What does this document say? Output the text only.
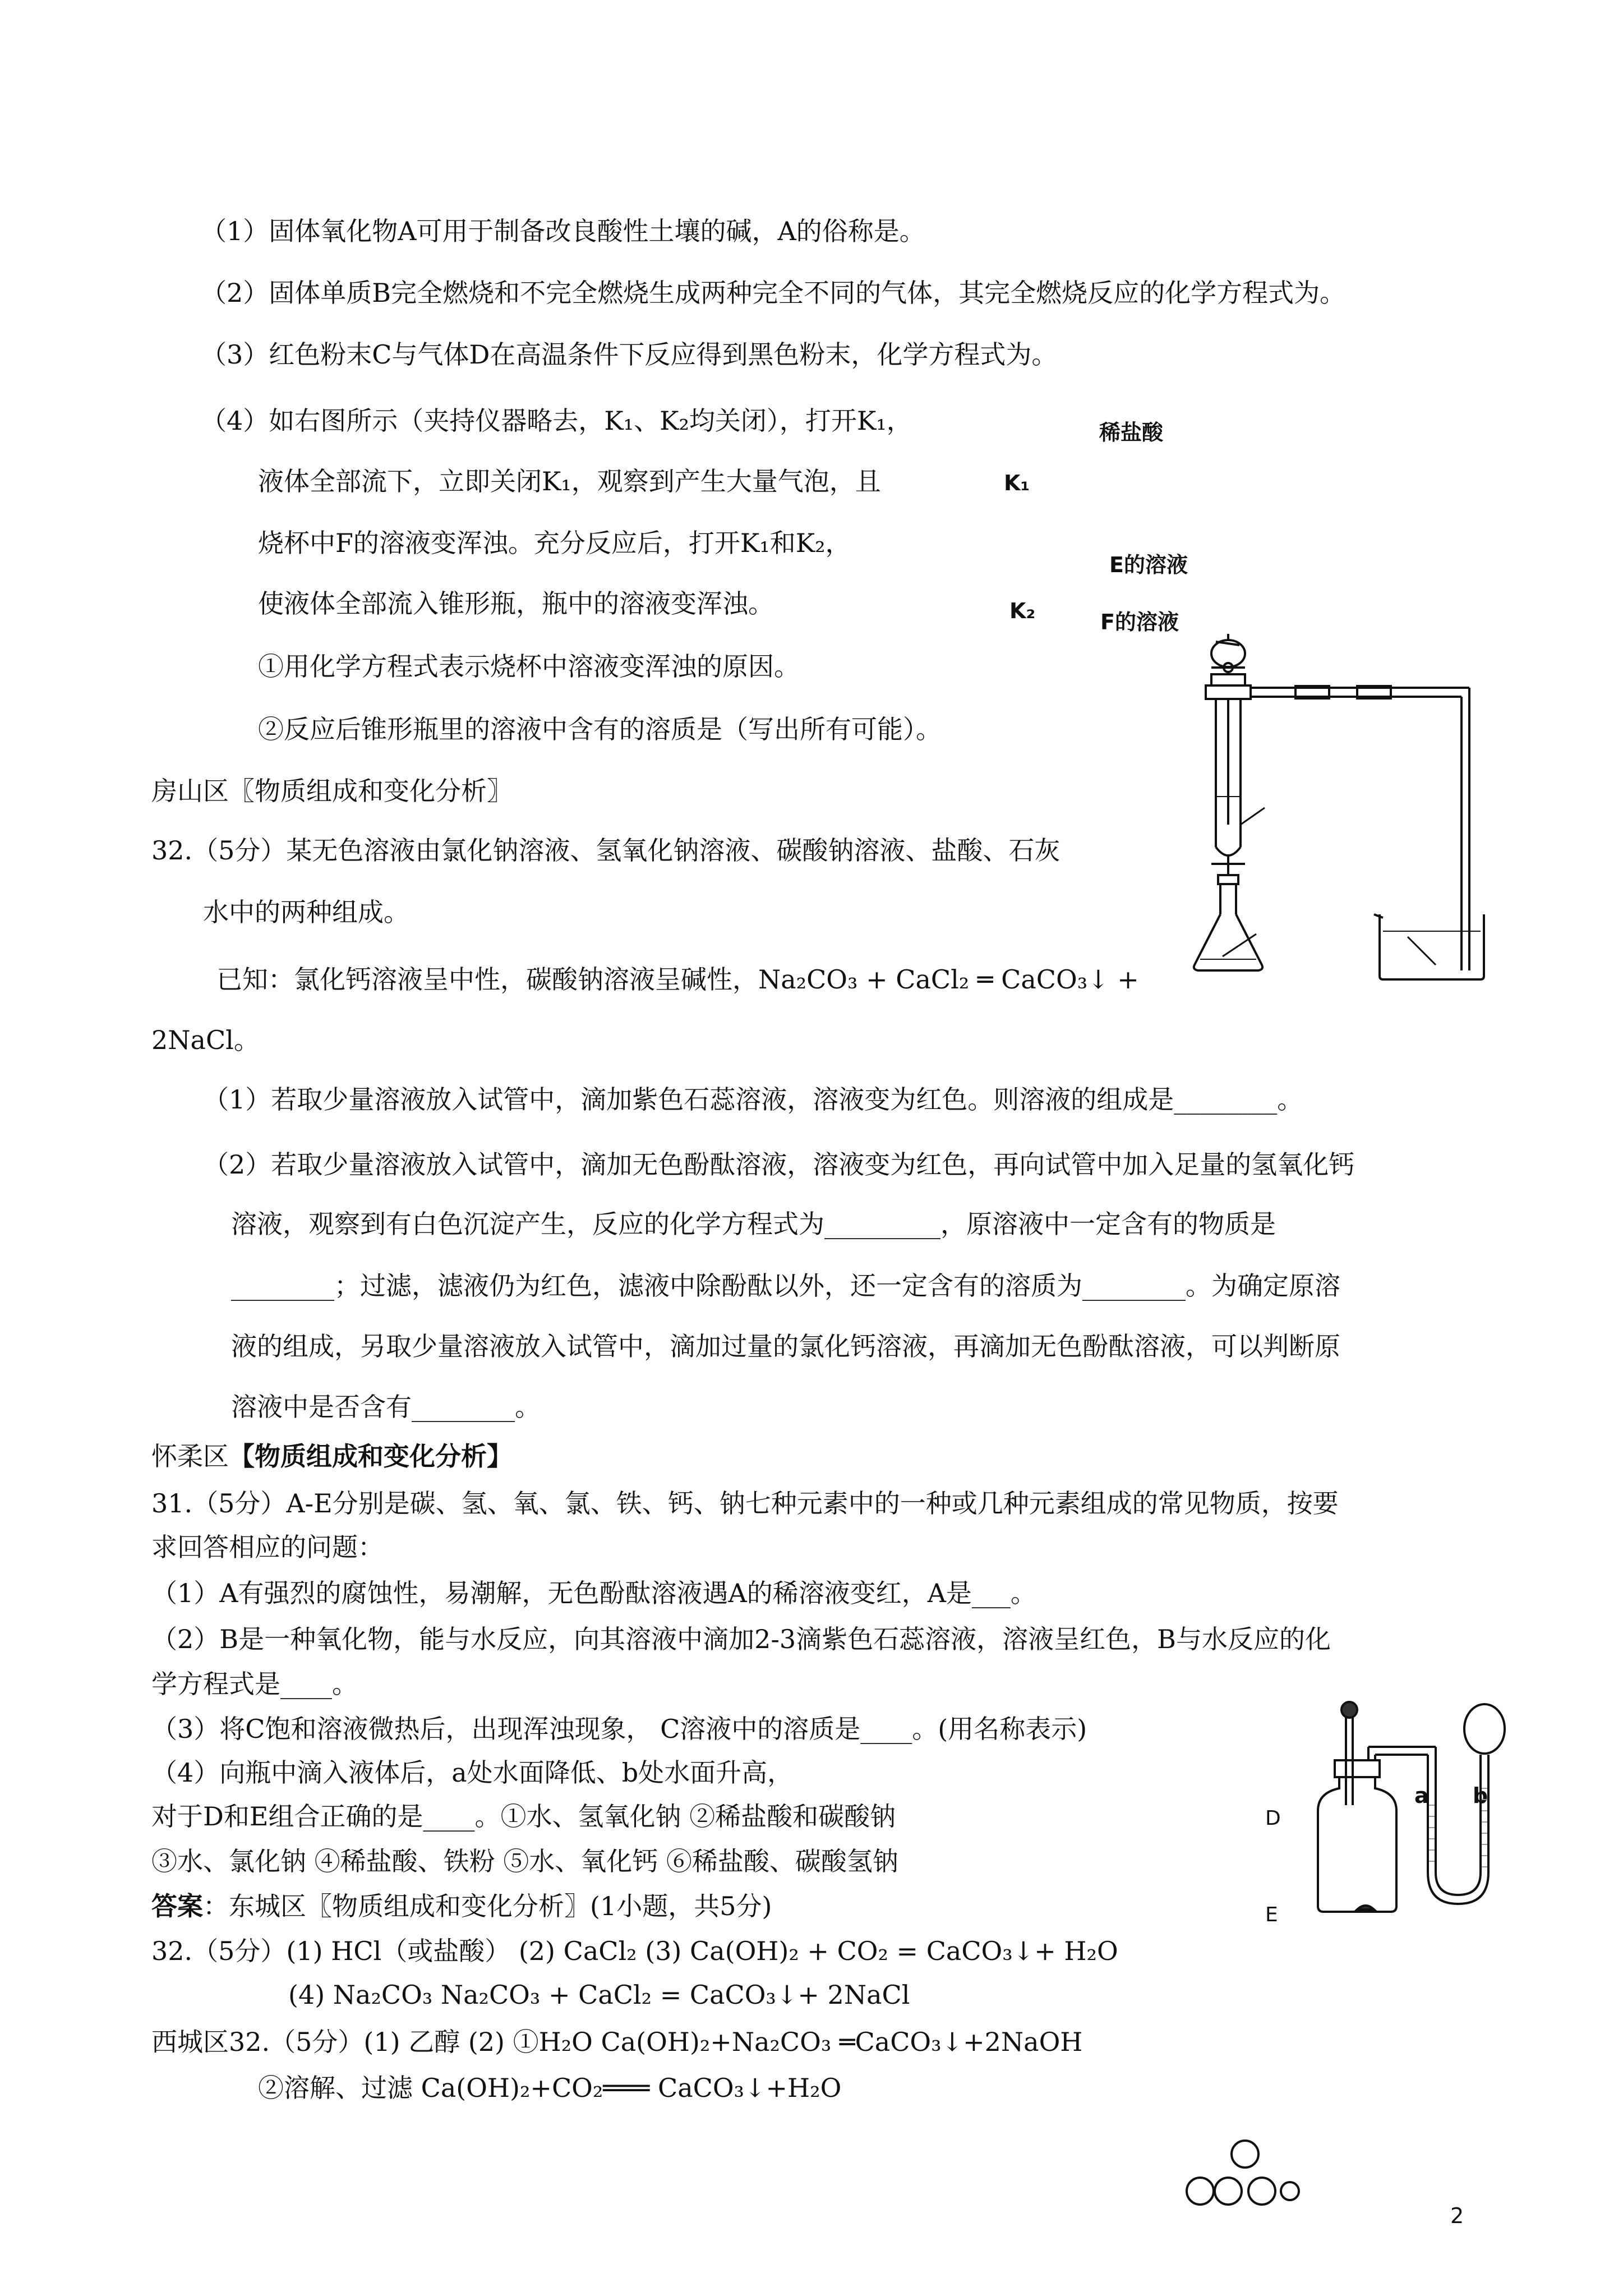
（1）固体氧化物A可用于制备改良酸性土壤的碱，A的俗称是。
（2）固体单质B完全燃烧和不完全燃烧生成两种完全不同的气体，其完全燃烧反应的化学方程式为。
（3）红色粉末C与气体D在高温条件下反应得到黑色粉末，化学方程式为。
（4）如右图所示（夹持仪器略去，K₁、K₂均关闭），打开K₁，
液体全部流下，立即关闭K₁，观察到产生大量气泡，且
烧杯中F的溶液变浑浊。充分反应后，打开K₁和K₂，
使液体全部流入锥形瓶，瓶中的溶液变浑浊。
①用化学方程式表示烧杯中溶液变浑浊的原因。
②反应后锥形瓶里的溶液中含有的溶质是（写出所有可能）。
稀盐酸
K₁
E的溶液
K₂	F的溶液
房山区〖物质组成和变化分析〗
32.（5分）某无色溶液由氯化钠溶液、氢氧化钠溶液、碳酸钠溶液、盐酸、石灰
水中的两种组成。
已知：氯化钙溶液呈中性，碳酸钠溶液呈碱性，Na₂CO₃ + CaCl₂ ═ CaCO₃↓ +
2NaCl。
（1）若取少量溶液放入试管中，滴加紫色石蕊溶液，溶液变为红色。则溶液的组成是________。
（2）若取少量溶液放入试管中，滴加无色酚酞溶液，溶液变为红色，再向试管中加入足量的氢氧化钙
溶液，观察到有白色沉淀产生，反应的化学方程式为_________，原溶液中一定含有的物质是
________；过滤，滤液仍为红色，滤液中除酚酞以外，还一定含有的溶质为________。为确定原溶
液的组成，另取少量溶液放入试管中，滴加过量的氯化钙溶液，再滴加无色酚酞溶液，可以判断原
溶液中是否含有________。
怀柔区【物质组成和变化分析】
31.（5分）A-E分别是碳、氢、氧、氯、铁、钙、钠七种元素中的一种或几种元素组成的常见物质，按要
求回答相应的问题：
（1）A有强烈的腐蚀性，易潮解，无色酚酞溶液遇A的稀溶液变红，A是___。
（2）B是一种氧化物，能与水反应，向其溶液中滴加2-3滴紫色石蕊溶液，溶液呈红色，B与水反应的化
学方程式是____。
（3）将C饱和溶液微热后，出现浑浊现象， C溶液中的溶质是____。(用名称表示)
（4）向瓶中滴入液体后，a处水面降低、b处水面升高，
对于D和E组合正确的是____。①水、氢氧化钠 ②稀盐酸和碳酸钠
③水、氯化钠 ④稀盐酸、铁粉 ⑤水、氧化钙 ⑥稀盐酸、碳酸氢钠
D
E
a b
答案：东城区〖物质组成和变化分析〗(1小题，共5分)
32.（5分）(1) HCl（或盐酸） (2) CaCl₂ (3) Ca(OH)₂ + CO₂ = CaCO₃↓+ H₂O
(4) Na₂CO₃ Na₂CO₃ + CaCl₂ = CaCO₃↓+ 2NaCl
西城区32.（5分）(1) 乙醇 (2) ①H₂O Ca(OH)₂+Na₂CO₃ ═CaCO₃↓+2NaOH
②溶解、过滤 Ca(OH)₂+CO₂═══ CaCO₃↓+H₂O
2
